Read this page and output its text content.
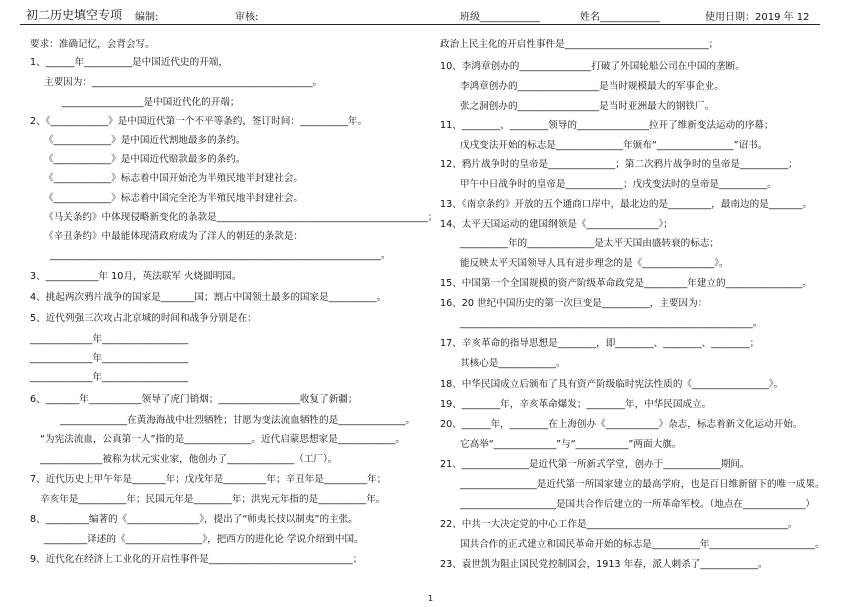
初二历史填空专项 编制:	审核:	班级____________	姓名____________	使用日期：2019 年 12
要求：准确记忆，会背会写。
1、______年__________是中国近代史的开端，
主要因为：______________________________________________。
_________________是中国近代化的开端；
2、《____________》是中国近代第一个不平等条约，签订时间：__________年。
《____________》是中国近代割地最多的条约。
《____________》是中国近代赔款最多的条约。
《____________》标志着中国开始沦为半殖民地半封建社会。
《____________》标志着中国完全沦为半殖民地半封建社会。
《马关条约》中体现侵略新变化的条款是____________________________________________；
《辛丑条约》中最能体现清政府成为了洋人的朝廷的条款是：
_____________________________________________________________________。
3、___________年 10月，英法联军 火烧圆明园。
4、挑起两次鸦片战争的国家是_______国；割占中国领土最多的国家是__________。
5、近代列强三次攻占北京城的时间和战争分别是在：
_____________年__________________
_____________年__________________
_____________年__________________
6、_______年___________领导了虎门销烟；_________________收复了新疆；
______________在黄海海战中壮烈牺牲；甘愿为变法流血牺牲的是______________。
“为宪法流血，公真第一人”指的是______________。近代启蒙思想家是____________。
_____________被称为状元实业家，他创办了______________（工厂）。
7、近代历史上甲午年是_______年；戊戌年是_________年；辛丑年是_________年；
辛亥年是__________年；民国元年是________年；洪宪元年指的是__________年。
8、_________编著的《_______________》，提出了“师夷长技以制夷”的主张。
_________译述的《________________》，把西方的进化论 学说介绍到中国。
9、近代化在经济上工业化的开启性事件是______________________________；
政治上民主化的开启性事件是______________________________；
10、李鸿章创办的_______________打破了外国轮船公司在中国的垄断。
李鸿章创办的_________________是当时规模最大的军事企业。
张之洞创办的_________________是当时亚洲最大的钢铁厂。
11、________、________领导的_______________拉开了维新变法运动的序幕；
戊戌变法开始的标志是______________年颁布“________________”诏书。
12、鸦片战争时的皇帝是______________；第二次鸦片战争时的皇帝是__________；
甲午中日战争时的皇帝是____________；戊戌变法时的皇帝是__________。
13、《南京条约》开放的五个通商口岸中，最北边的是_________，最南边的是_______。
14、太平天国运动的建国纲领是《_______________》；
__________年的______________是太平天国由盛转衰的标志；
能反映太平天国领导人具有进步理念的是《_______________》。
15、中国第一个全国规模的资产阶级革命政党是_________年建立的________________。
16、20 世纪中国历史的第一次巨变是__________，主要因为：
_____________________________________________________________。
17、辛亥革命的指导思想是________，即________、________、________；
其核心是____________。
18、中华民国成立后颁布了具有资产阶级临时宪法性质的《________________》。
19、________年，辛亥革命爆发；________年，中华民国成立。
20、______年，________在上海创办《___________》杂志，标志着新文化运动开始。
它高举“_____________”与“___________”两面大旗。
21、______________是近代第一所新式学堂，创办于____________期间。
________________是近代第一所国家建立的最高学府，也是百日维新留下的唯一成果。
____________________是国共合作后建立的一所革命军校。（地点在_____________）
22、中共一大决定党的中心工作是__________________________________________。
国共合作的正式建立和国民革命开始的标志是__________年______________________。
23、袁世凯为阻止国民党控制国会，1913 年春，派人刺杀了____________。
1
